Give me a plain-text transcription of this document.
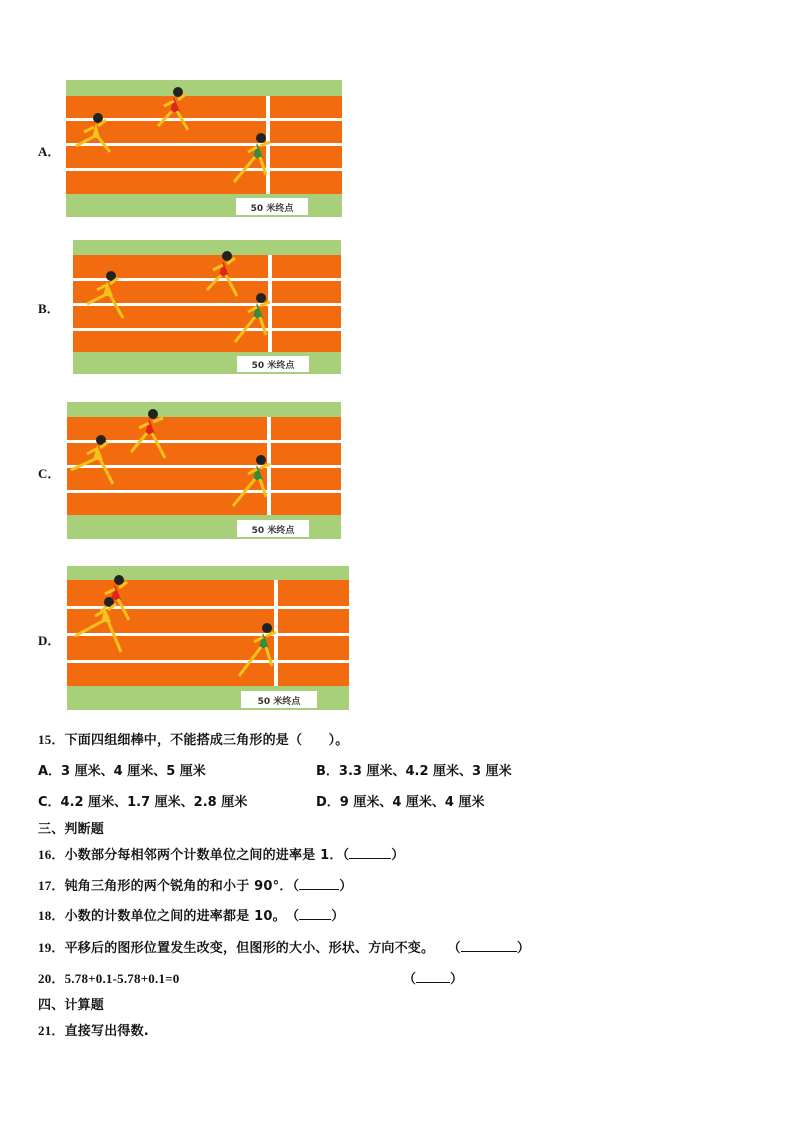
A．
50 米终点
B．
50 米终点
C．
50 米终点
D．
50 米终点
15．下面四组细棒中，不能搭成三角形的是（　　）。
A．3 厘米、4 厘米、5 厘米	B．3.3 厘米、4.2 厘米、3 厘米
C．4.2 厘米、1.7 厘米、2.8 厘米	D．9 厘米、4 厘米、4 厘米
三、判断题
16．小数部分每相邻两个计数单位之间的进率是 1．（	）
17．钝角三角形的两个锐角的和小于 90°．（	）
18．小数的计数单位之间的进率都是 10。　（ ）
19．平移后的图形位置发生改变，但图形的大小、形状、方向不变。　　（	）
20．5.78+0.1-5.78+0.1=0	（	）
四、计算题
21．直接写出得数.
